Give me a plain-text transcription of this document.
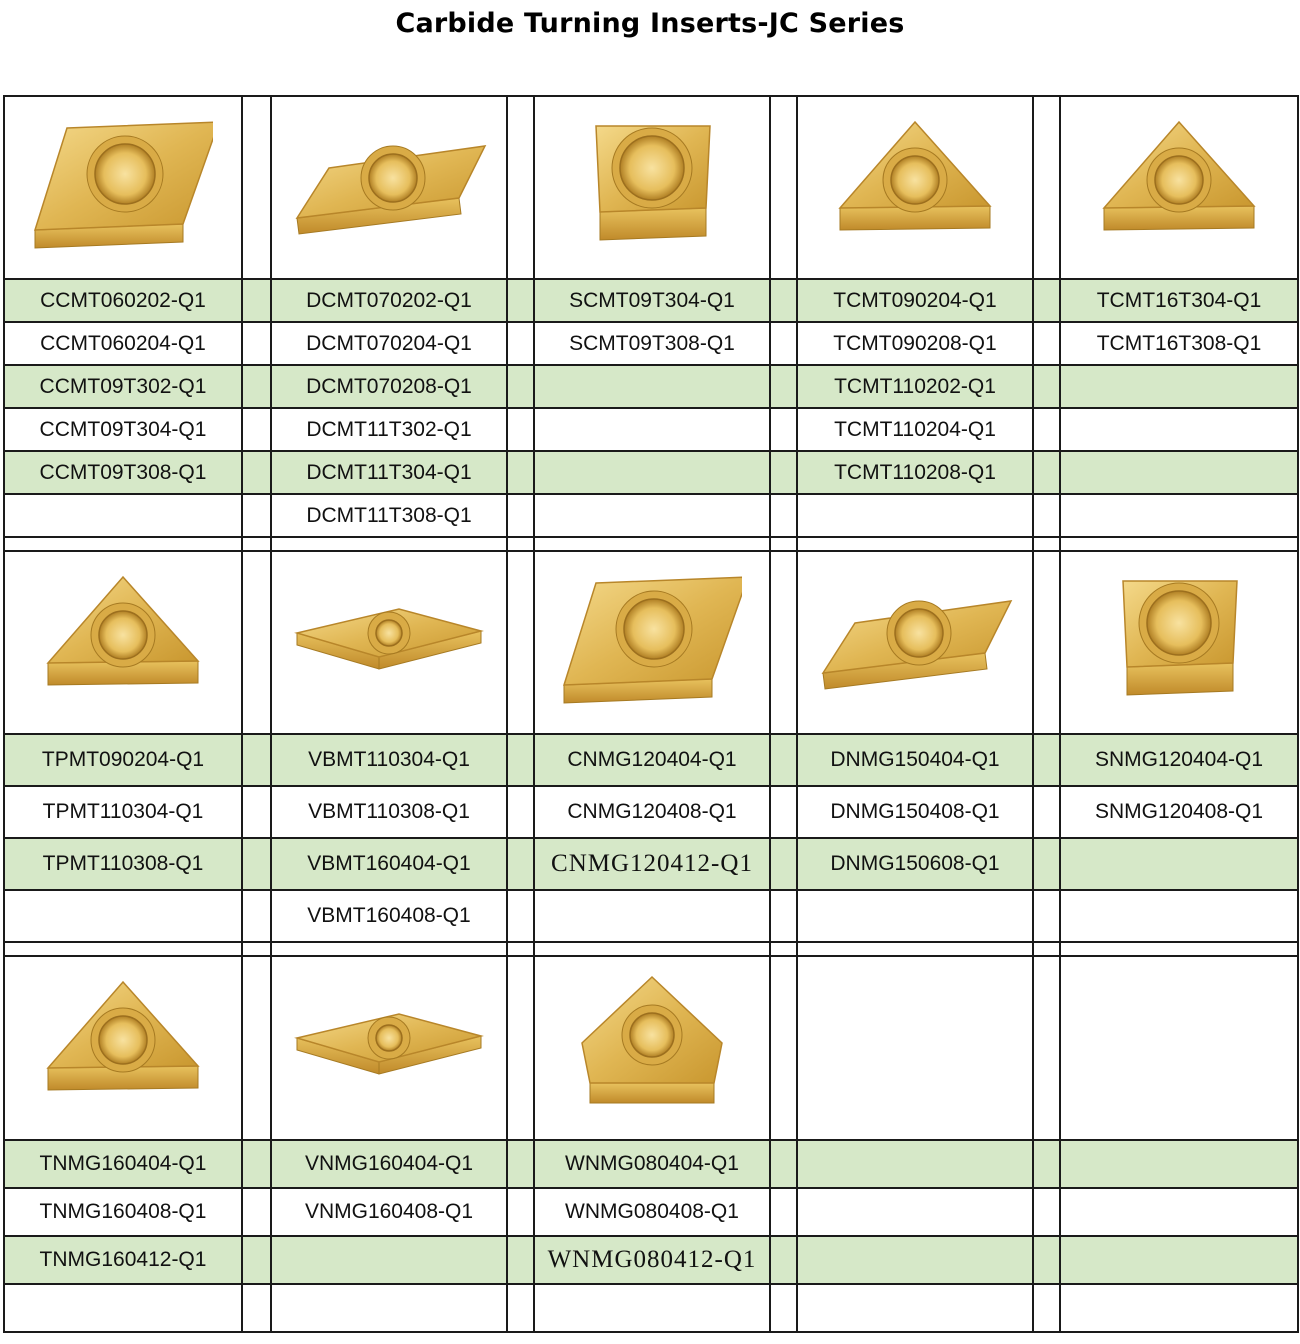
Carbide Turning Inserts-JC Series

CCMT060202-Q1		DCMT070202-Q1		SCMT09T304-Q1		TCMT090204-Q1		TCMT16T304-Q1
CCMT060204-Q1		DCMT070204-Q1		SCMT09T308-Q1		TCMT090208-Q1		TCMT16T308-Q1
CCMT09T302-Q1		DCMT070208-Q1				TCMT110202-Q1		
CCMT09T304-Q1		DCMT11T302-Q1				TCMT110204-Q1		
CCMT09T308-Q1		DCMT11T304-Q1				TCMT110208-Q1		
		DCMT11T308-Q1						

TPMT090204-Q1		VBMT110304-Q1		CNMG120404-Q1		DNMG150404-Q1		SNMG120404-Q1
TPMT110304-Q1		VBMT110308-Q1		CNMG120408-Q1		DNMG150408-Q1		SNMG120408-Q1
TPMT110308-Q1		VBMT160404-Q1		CNMG120412-Q1		DNMG150608-Q1		
		VBMT160408-Q1						

TNMG160404-Q1		VNMG160404-Q1		WNMG080404-Q1				
TNMG160408-Q1		VNMG160408-Q1		WNMG080408-Q1				
TNMG160412-Q1				WNMG080412-Q1				
